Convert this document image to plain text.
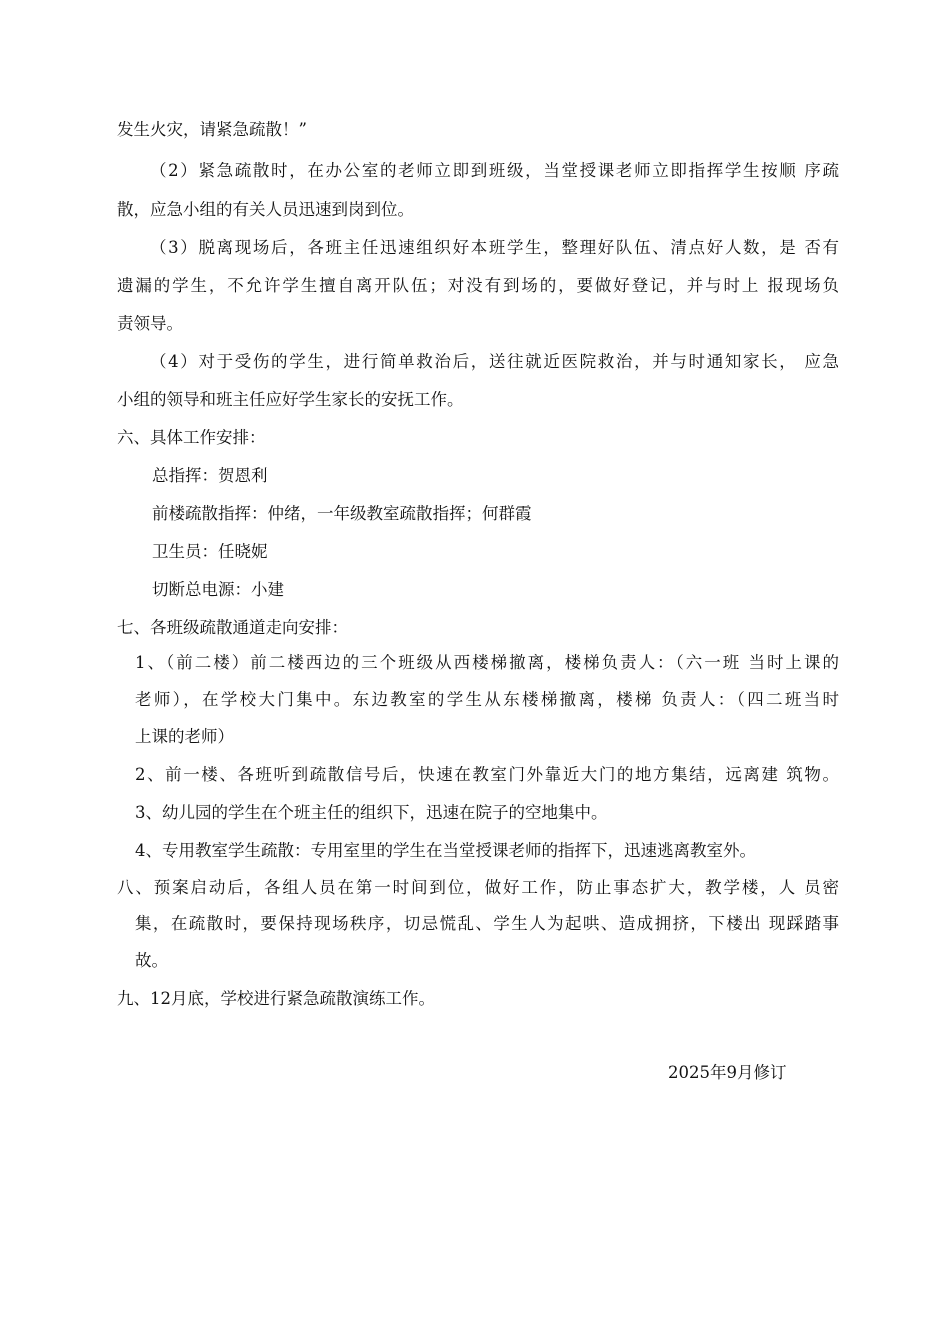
发生火灾，请紧急疏散！”
（2）紧急疏散时，在办公室的老师立即到班级，当堂授课老师立即指挥学生按顺 序疏
散，应急小组的有关人员迅速到岗到位。
（3）脱离现场后，各班主任迅速组织好本班学生，整理好队伍、清点好人数，是 否有
遗漏的学生，不允许学生擅自离开队伍；对没有到场的，要做好登记，并与时上 报现场负
责领导。
（4）对于受伤的学生，进行简单救治后，送往就近医院救治，并与时通知家长， 应急
小组的领导和班主任应好学生家长的安抚工作。
六、具体工作安排：
总指挥：贺恩利
前楼疏散指挥：仲绪，一年级教室疏散指挥；何群霞
卫生员：任晓妮
切断总电源：小建
七、各班级疏散通道走向安排：
1、（前二楼）前二楼西边的三个班级从西楼梯撤离，楼梯负责人：（六一班 当时上课的
老师），在学校大门集中。东边教室的学生从东楼梯撤离，楼梯 负责人：（四二班当时
上课的老师）
2、前一楼、各班听到疏散信号后，快速在教室门外靠近大门的地方集结，远离建 筑物。
3、幼儿园的学生在个班主任的组织下，迅速在院子的空地集中。
4、专用教室学生疏散：专用室里的学生在当堂授课老师的指挥下，迅速逃离教室外。
八、预案启动后，各组人员在第一时间到位，做好工作，防止事态扩大，教学楼，人 员密
集，在疏散时，要保持现场秩序，切忌慌乱、学生人为起哄、造成拥挤，下楼出 现踩踏事
故。
九、12月底，学校进行紧急疏散演练工作。
2025年9月修订
